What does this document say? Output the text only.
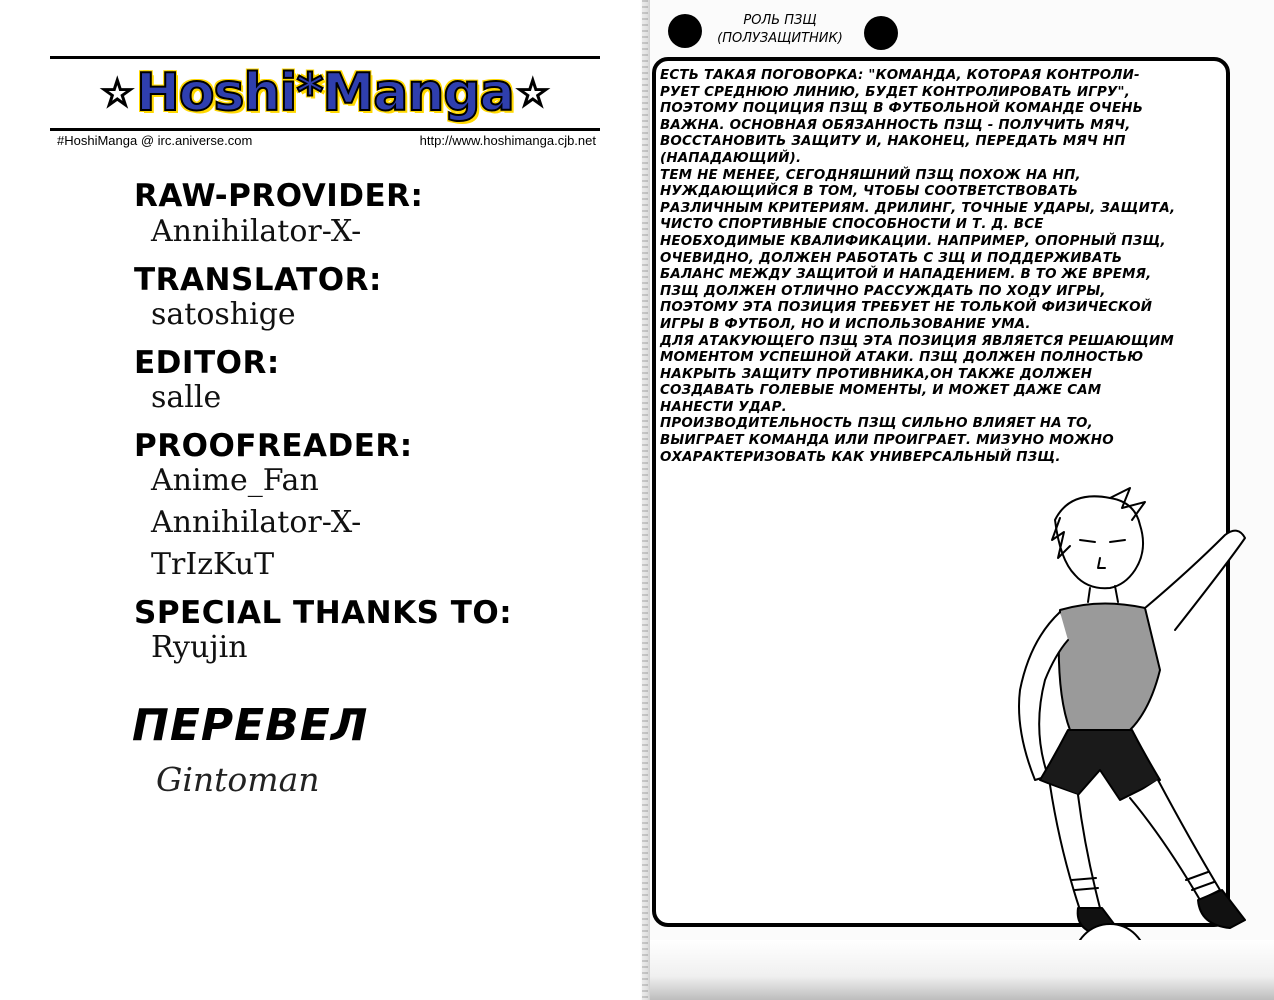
☆ Hoshi*Manga ☆
#HoshiManga @ irc.aniverse.com	http://www.hoshimanga.cjb.net
RAW-PROVIDER:
Annihilator-X-
TRANSLATOR:
satoshige
EDITOR:
salle
PROOFREADER:
Anime_Fan
Annihilator-X-
TrIzKuT
SPECIAL THANKS TO:
Ryujin
ПЕРЕВЕЛ
Gintoman
РОЛЬ ПЗЩ
(ПОЛУЗАЩИТНИК)
ЕСТЬ ТАКАЯ ПОГОВОРКА: "КОМАНДА, КОТОРАЯ КОНТРОЛИ-
РУЕТ СРЕДНЮЮ ЛИНИЮ, БУДЕТ КОНТРОЛИРОВАТЬ ИГРУ",
ПОЭТОМУ ПОЦИЦИЯ ПЗЩ В ФУТБОЛЬНОЙ КОМАНДЕ ОЧЕНЬ
ВАЖНА. ОСНОВНАЯ ОБЯЗАННОСТЬ ПЗЩ - ПОЛУЧИТЬ МЯЧ,
ВОССТАНОВИТЬ ЗАЩИТУ И, НАКОНЕЦ, ПЕРЕДАТЬ МЯЧ НП
(НАПАДАЮЩИЙ).
ТЕМ НЕ МЕНЕЕ, СЕГОДНЯШНИЙ ПЗЩ ПОХОЖ НА НП,
НУЖДАЮЩИЙСЯ В ТОМ, ЧТОБЫ СООТВЕТСТВОВАТЬ
РАЗЛИЧНЫМ КРИТЕРИЯМ. ДРИЛИНГ, ТОЧНЫЕ УДАРЫ, ЗАЩИТА,
ЧИСТО СПОРТИВНЫЕ СПОСОБНОСТИ И Т. Д. ВСЕ
НЕОБХОДИМЫЕ КВАЛИФИКАЦИИ. НАПРИМЕР, ОПОРНЫЙ ПЗЩ,
ОЧЕВИДНО, ДОЛЖЕН РАБОТАТЬ С ЗЩ И ПОДДЕРЖИВАТЬ
БАЛАНС МЕЖДУ ЗАЩИТОЙ И НАПАДЕНИЕМ. В ТО ЖЕ ВРЕМЯ,
ПЗЩ ДОЛЖЕН ОТЛИЧНО РАССУЖДАТЬ ПО ХОДУ ИГРЫ,
ПОЭТОМУ ЭТА ПОЗИЦИЯ ТРЕБУЕТ НЕ ТОЛЬКОЙ ФИЗИЧЕСКОЙ
ИГРЫ В ФУТБОЛ, НО И ИСПОЛЬЗОВАНИЕ УМА.
ДЛЯ АТАКУЮЩЕГО ПЗЩ ЭТА ПОЗИЦИЯ ЯВЛЯЕТСЯ РЕШАЮЩИМ
МОМЕНТОМ УСПЕШНОЙ АТАКИ. ПЗЩ ДОЛЖЕН ПОЛНОСТЬЮ
НАКРЫТЬ ЗАЩИТУ ПРОТИВНИКА,ОН ТАКЖЕ ДОЛЖЕН
СОЗДАВАТЬ ГОЛЕВЫЕ МОМЕНТЫ, И МОЖЕТ ДАЖЕ САМ
НАНЕСТИ УДАР.
ПРОИЗВОДИТЕЛЬНОСТЬ ПЗЩ СИЛЬНО ВЛИЯЕТ НА ТО,
ВЫИГРАЕТ КОМАНДА ИЛИ ПРОИГРАЕТ. МИЗУНО МОЖНО
ОХАРАКТЕРИЗОВАТЬ КАК УНИВЕРСАЛЬНЫЙ ПЗЩ.
